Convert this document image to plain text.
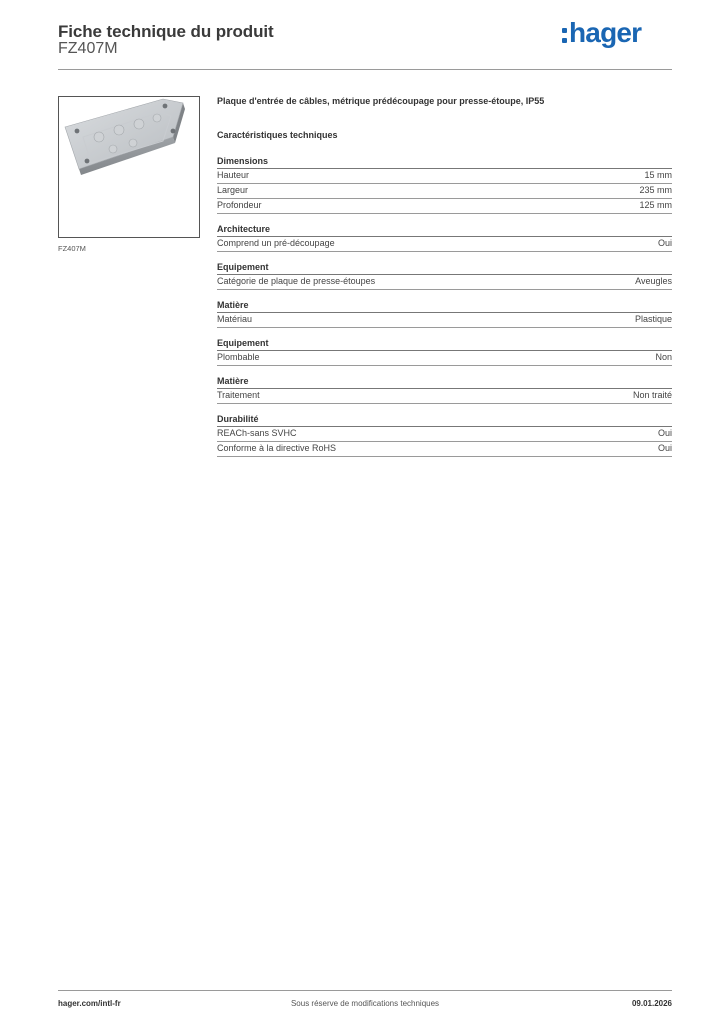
Fiche technique du produit
FZ407M
hager
FZ407M
Plaque d'entrée de câbles, métrique prédécoupage pour presse-étoupe, IP55
Caractéristiques techniques
Dimensions
Hauteur	15 mm
Largeur	235 mm
Profondeur	125 mm
Architecture
Comprend un pré-découpage	Oui
Equipement
Catégorie de plaque de presse-étoupes	Aveugles
Matière
Matériau	Plastique
Equipement
Plombable	Non
Matière
Traitement	Non traité
Durabilité
REACh-sans SVHC	Oui
Conforme à la directive RoHS	Oui
hager.com/intl-fr	Sous réserve de modifications techniques	09.01.2026
